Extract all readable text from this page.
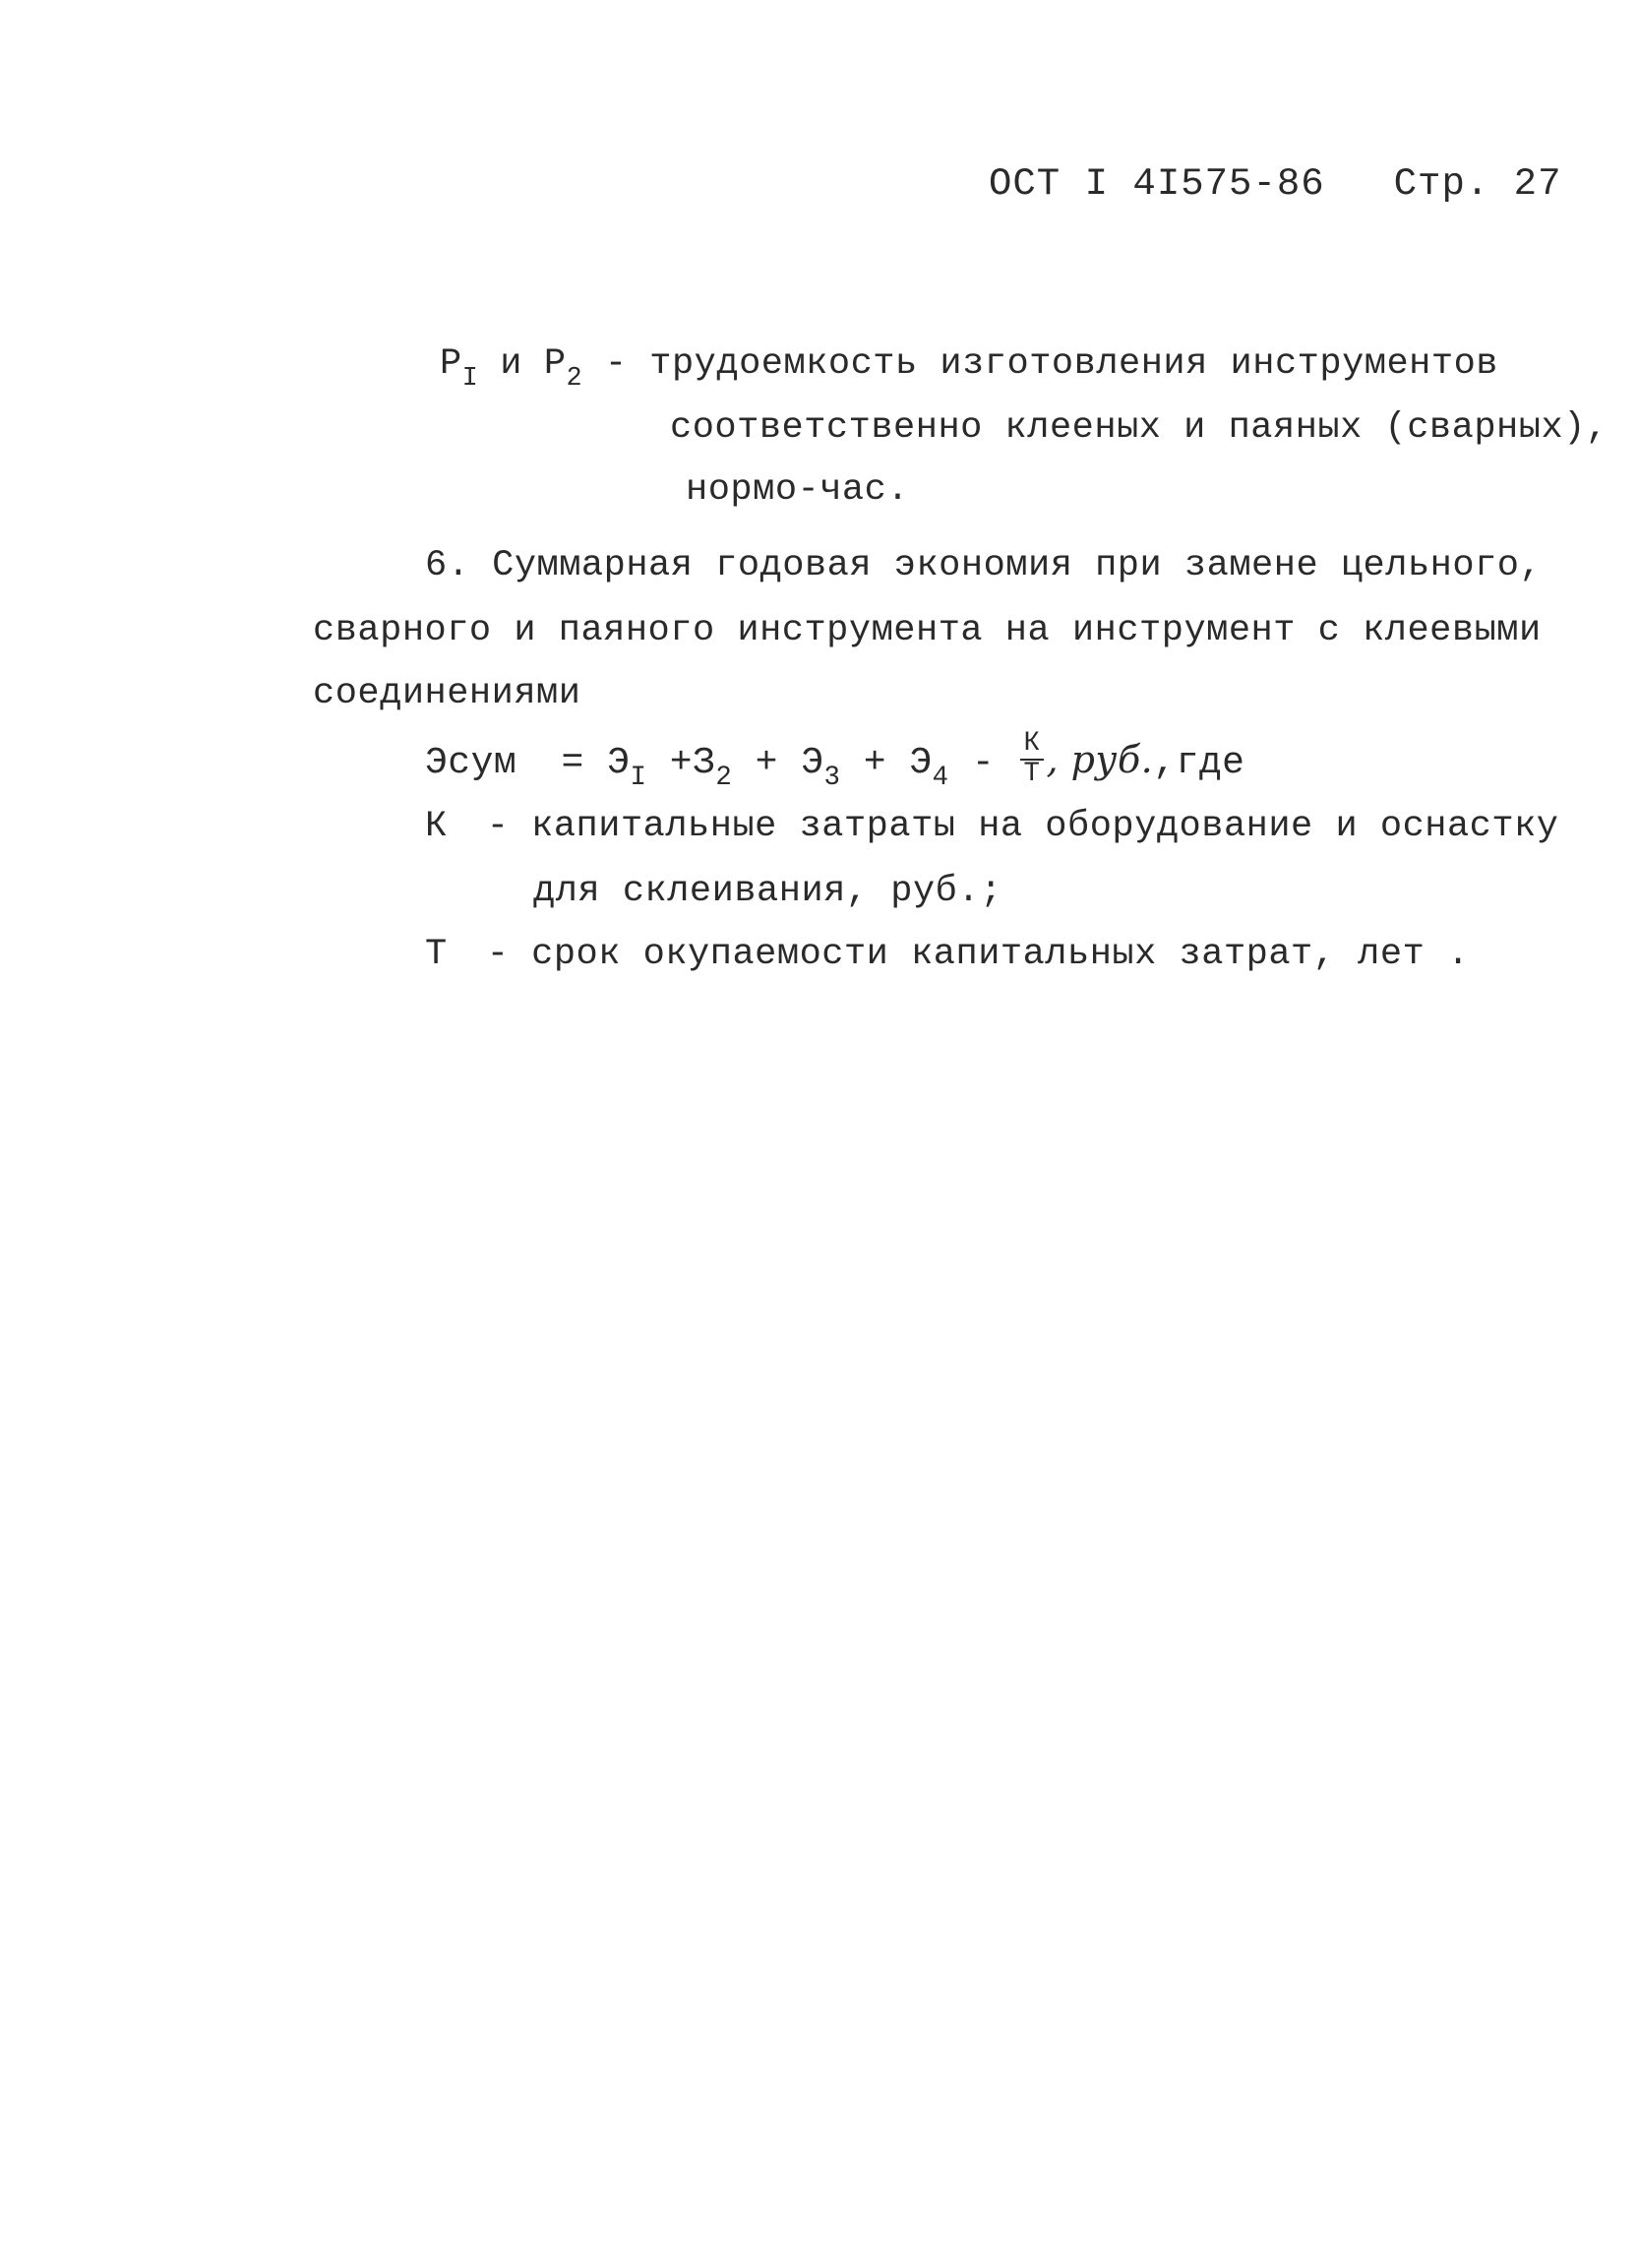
ОСТ I 4I575-86 Стр. 27
$P_I$ и $P_2$ - трудоемкость изготовления инструментов
соответственно клееных и паяных (сварных),
нормо-час.
6. Суммарная годовая экономия при замене цельного,
сварного и паяного инструмента на инструмент с клеевыми
соединениями
Эсум = $Э_I +З_2 + Э_3 + Э_4 - \frac{К}{Т}$ , руб.,где
К - капитальные затраты на оборудование и оснастку
для склеивания, руб.;
Т - срок окупаемости капитальных затрат, лет .
